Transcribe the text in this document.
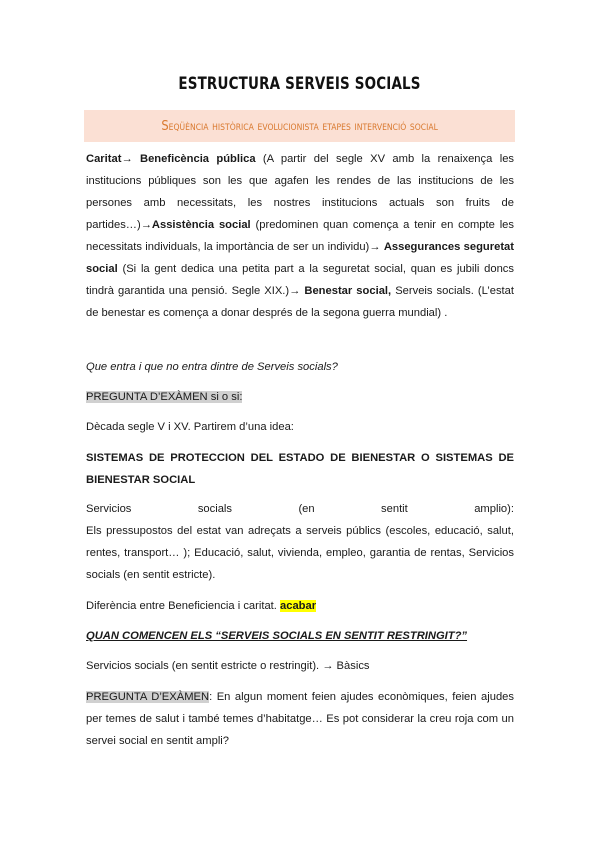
ESTRUCTURA SERVEIS SOCIALS
Seqüència històrica evolucionista etapes intervenció social

Caritat→ Beneficència pública (A partir del segle XV amb la renaixença les institucions públiques son les que agafen les rendes de las institucions de les persones amb necessitats, les nostres institucions actuals son fruits de partides…)→Assistència social (predominen quan comença a tenir en compte les necessitats individuals, la importància de ser un individu)→ Assegurances seguretat social (Si la gent dedica una petita part a la seguretat social, quan es jubili doncs tindrà garantida una pensió. Segle XIX.)→ Benestar social, Serveis socials. (L’estat de benestar es comença a donar després de la segona guerra mundial) .

Que entra i que no entra dintre de Serveis socials?
PREGUNTA D’EXÀMEN si o si:
Dècada segle V i XV. Partirem d’una idea:

SISTEMAS DE PROTECCION DEL ESTADO DE BIENESTAR O SISTEMAS DE BIENESTAR SOCIAL

Servicios	socials	(en	sentit	amplio):

Els pressupostos del estat van adreçats a serveis públics (escoles, educació, salut, rentes, transport… ); Educació, salut, vivienda, empleo, garantia de rentas, Servicios socials (en sentit estricte).

Diferència entre Beneficiencia i caritat. acabar
QUAN COMENCEN ELS “SERVEIS SOCIALS EN SENTIT RESTRINGIT?”
Servicios socials (en sentit estricte o restringit). → Bàsics

PREGUNTA D’EXÀMEN: En algun moment feien ajudes econòmiques, feien ajudes per temes de salut i també temes d’habitatge… Es pot considerar la creu roja com un servei social en sentit ampli?
